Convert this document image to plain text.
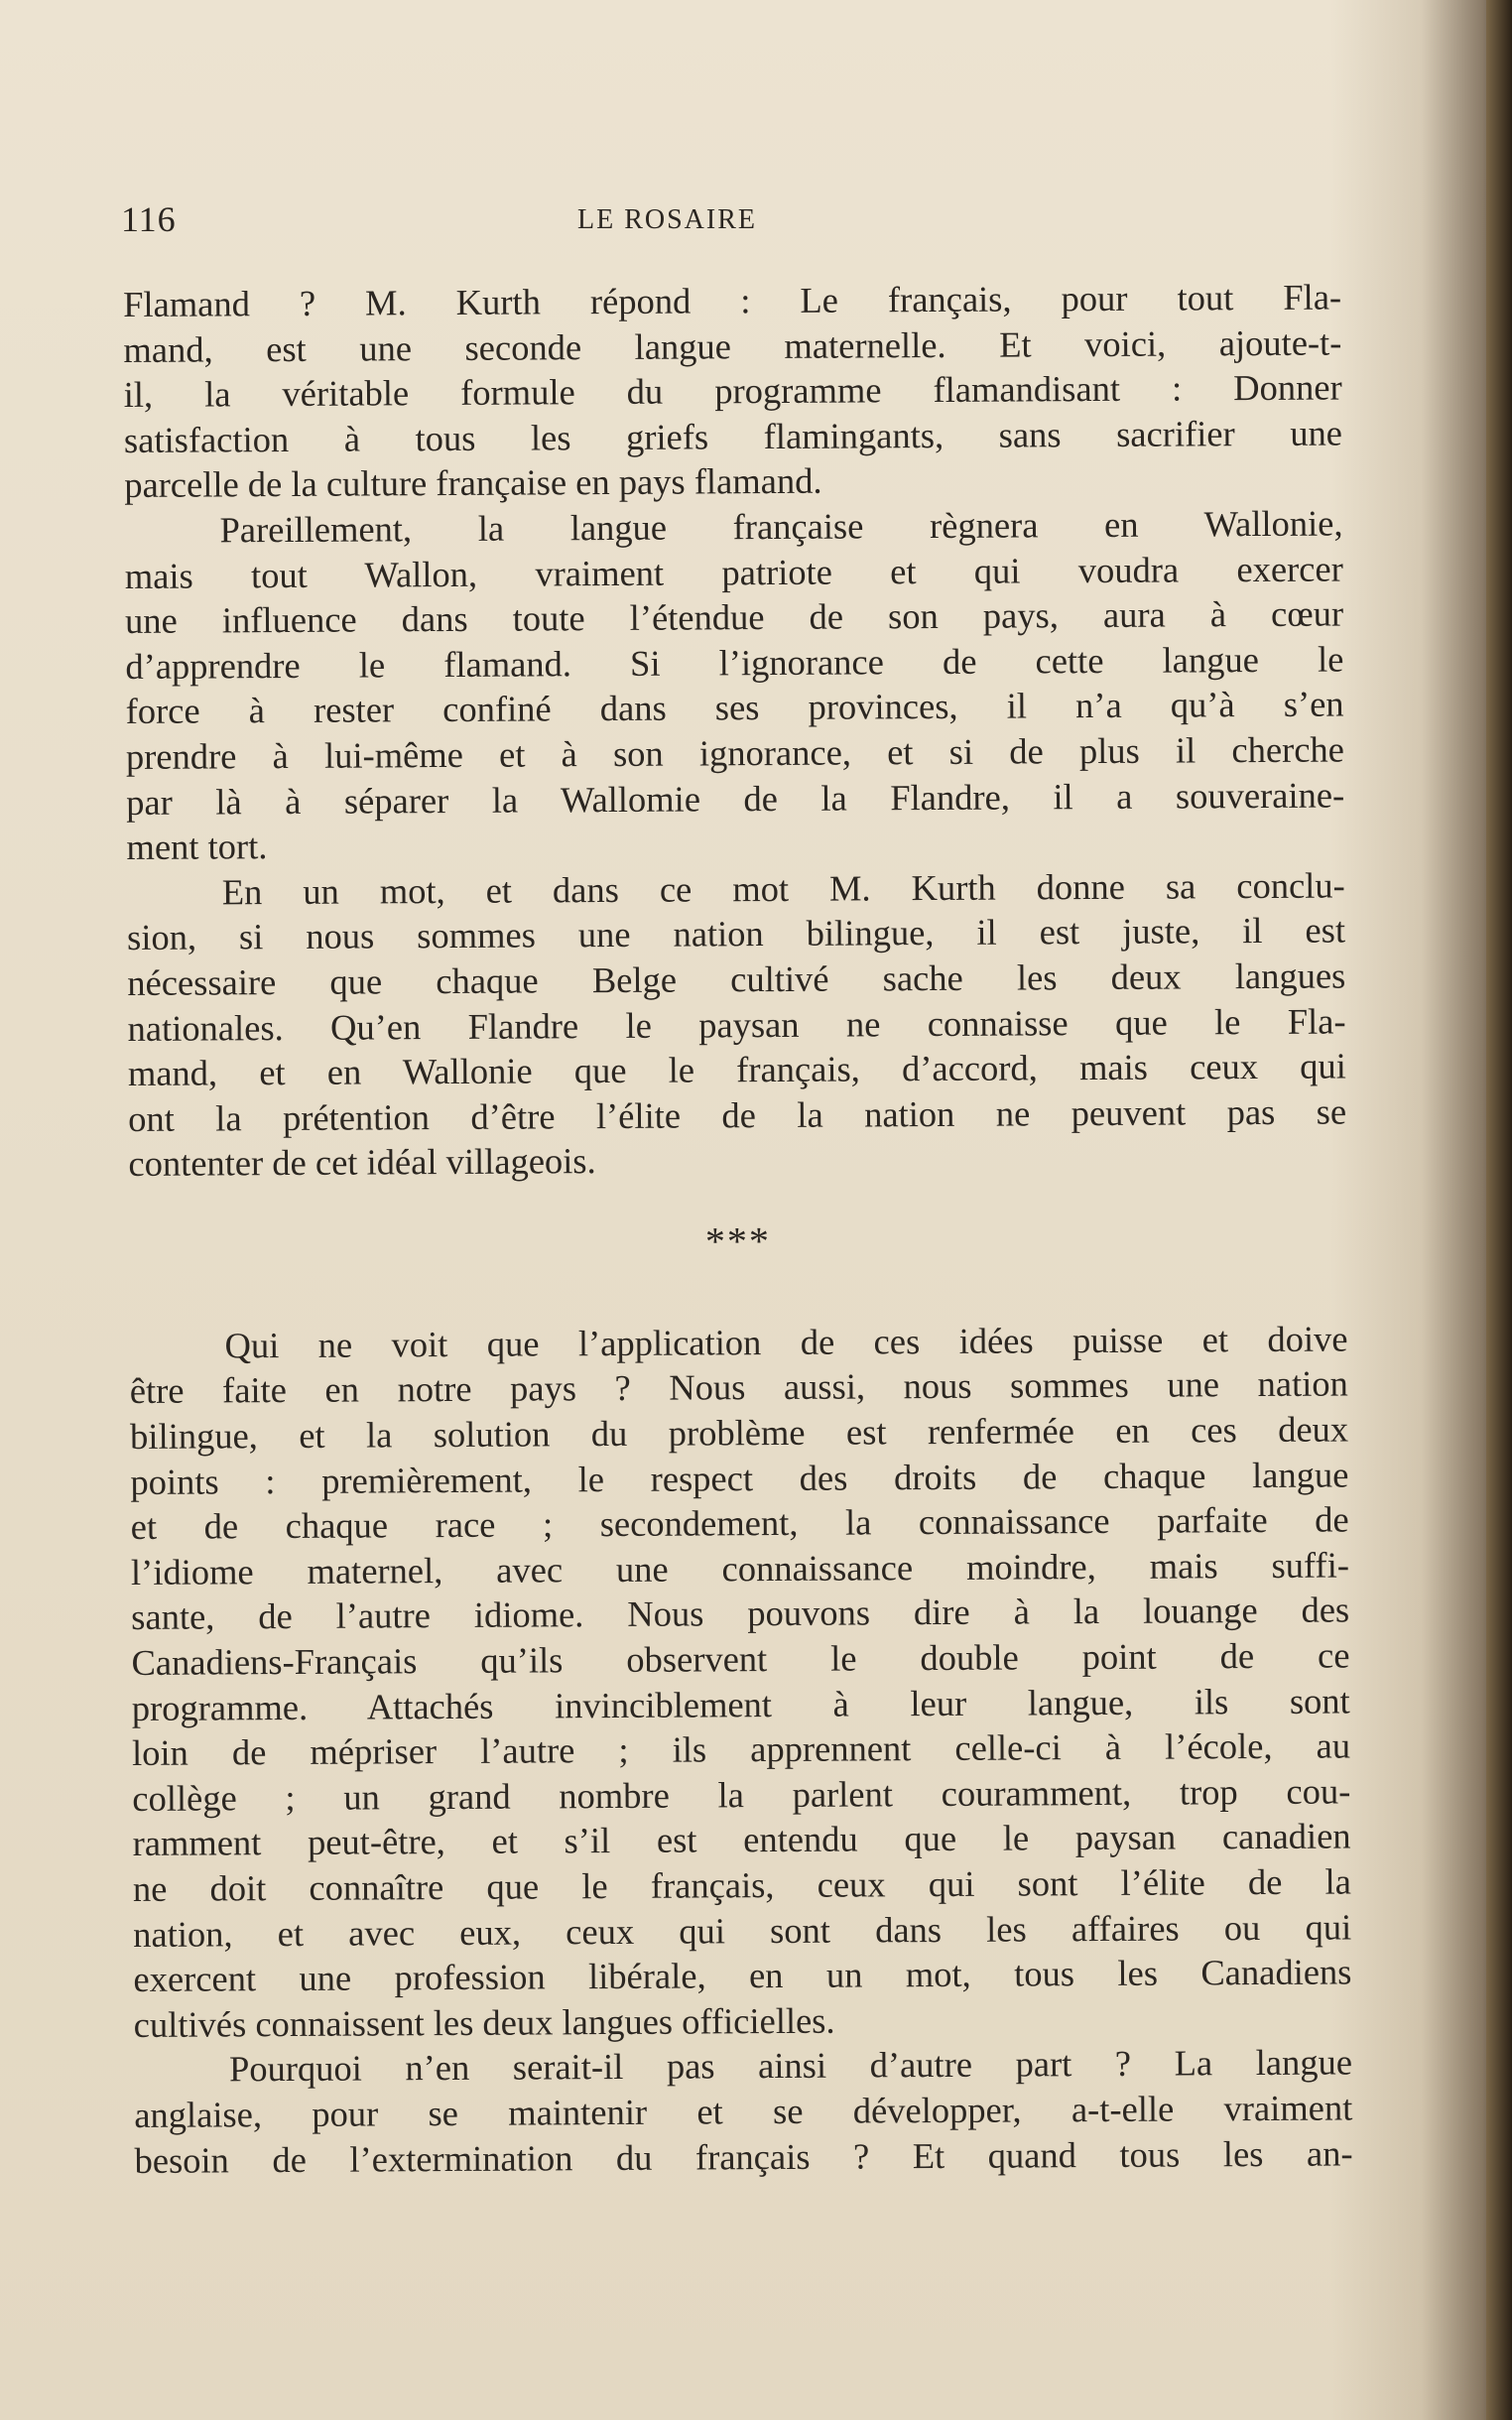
116	LE ROSAIRE
Flamand ? M. Kurth répond : Le français, pour tout Fla-
mand, est une seconde langue maternelle. Et voici, ajoute-t-
il, la véritable formule du programme flamandisant : Donner
satisfaction à tous les griefs flamingants, sans sacrifier une
parcelle de la culture française en pays flamand.
Pareillement, la langue française règnera en Wallonie,
mais tout Wallon, vraiment patriote et qui voudra exercer
une influence dans toute l’étendue de son pays, aura à cœur
d’apprendre le flamand. Si l’ignorance de cette langue le
force à rester confiné dans ses provinces, il n’a qu’à s’en
prendre à lui-même et à son ignorance, et si de plus il cherche
par là à séparer la Wallomie de la Flandre, il a souveraine-
ment tort.
En un mot, et dans ce mot M. Kurth donne sa conclu-
sion, si nous sommes une nation bilingue, il est juste, il est
nécessaire que chaque Belge cultivé sache les deux langues
nationales. Qu’en Flandre le paysan ne connaisse que le Fla-
mand, et en Wallonie que le français, d’accord, mais ceux qui
ont la prétention d’être l’élite de la nation ne peuvent pas se
contenter de cet idéal villageois.
***
Qui ne voit que l’application de ces idées puisse et doive
être faite en notre pays ? Nous aussi, nous sommes une nation
bilingue, et la solution du problème est renfermée en ces deux
points : premièrement, le respect des droits de chaque langue
et de chaque race ; secondement, la connaissance parfaite de
l’idiome maternel, avec une connaissance moindre, mais suffi-
sante, de l’autre idiome. Nous pouvons dire à la louange des
Canadiens-Français qu’ils observent le double point de ce
programme. Attachés invinciblement à leur langue, ils sont
loin de mépriser l’autre ; ils apprennent celle-ci à l’école, au
collège ; un grand nombre la parlent couramment, trop cou-
ramment peut-être, et s’il est entendu que le paysan canadien
ne doit connaître que le français, ceux qui sont l’élite de la
nation, et avec eux, ceux qui sont dans les affaires ou qui
exercent une profession libérale, en un mot, tous les Canadiens
cultivés connaissent les deux langues officielles.
Pourquoi n’en serait-il pas ainsi d’autre part ? La langue
anglaise, pour se maintenir et se développer, a-t-elle vraiment
besoin de l’extermination du français ? Et quand tous les an-
